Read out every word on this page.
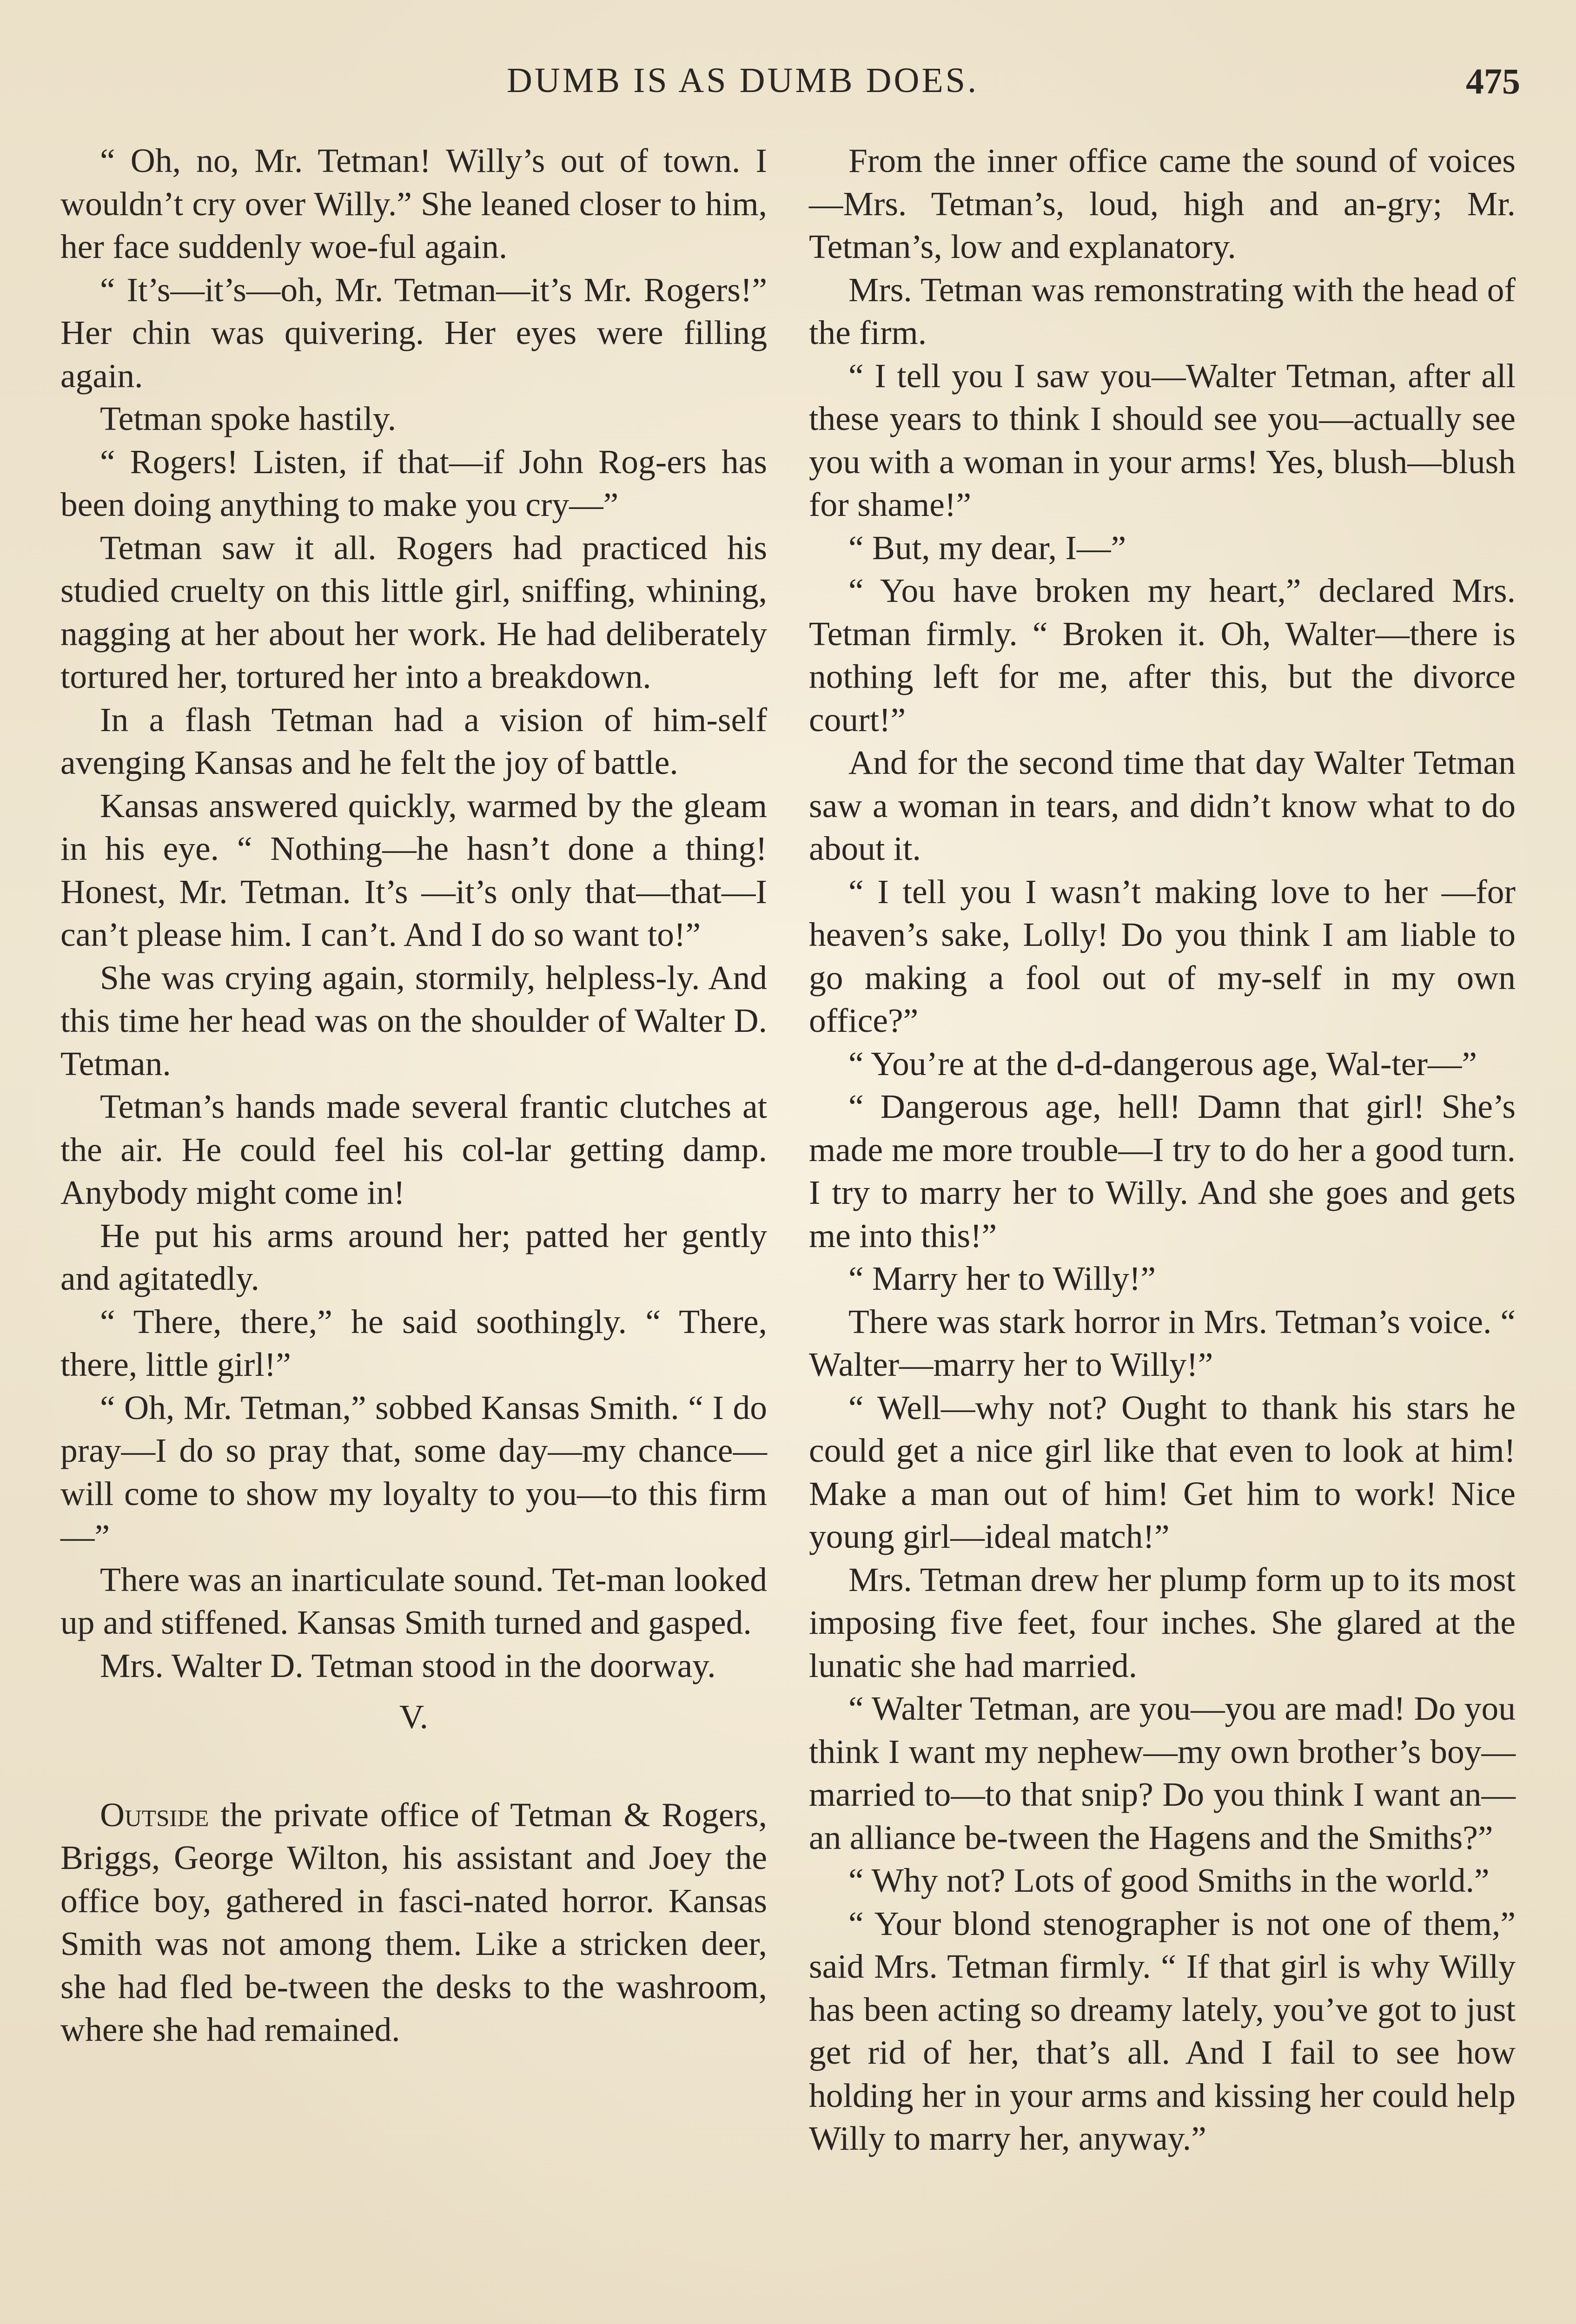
DUMB IS AS DUMB DOES.	475

“ Oh, no, Mr. Tetman! Willy’s out of town. I wouldn’t cry over Willy.” She leaned closer to him, her face suddenly woe-ful again.

“ It’s—it’s—oh, Mr. Tetman—it’s Mr. Rogers!” Her chin was quivering. Her eyes were filling again.

Tetman spoke hastily.

“ Rogers! Listen, if that—if John Rog-ers has been doing anything to make you cry—”

Tetman saw it all. Rogers had practiced his studied cruelty on this little girl, sniffing, whining, nagging at her about her work. He had deliberately tortured her, tortured her into a breakdown.

In a flash Tetman had a vision of him-self avenging Kansas and he felt the joy of battle.

Kansas answered quickly, warmed by the gleam in his eye. “ Nothing—he hasn’t done a thing! Honest, Mr. Tetman. It’s —it’s only that—that—I can’t please him. I can’t. And I do so want to!”

She was crying again, stormily, helpless-ly. And this time her head was on the shoulder of Walter D. Tetman.

Tetman’s hands made several frantic clutches at the air. He could feel his col-lar getting damp. Anybody might come in!

He put his arms around her; patted her gently and agitatedly.

“ There, there,” he said soothingly. “ There, there, little girl!”

“ Oh, Mr. Tetman,” sobbed Kansas Smith. “ I do pray—I do so pray that, some day—my chance—will come to show my loyalty to you—to this firm—”

There was an inarticulate sound. Tet-man looked up and stiffened. Kansas Smith turned and gasped.

Mrs. Walter D. Tetman stood in the doorway.

V.

Outside the private office of Tetman & Rogers, Briggs, George Wilton, his assistant and Joey the office boy, gathered in fasci-nated horror. Kansas Smith was not among them. Like a stricken deer, she had fled be-tween the desks to the washroom, where she had remained.

From the inner office came the sound of voices—Mrs. Tetman’s, loud, high and an-gry; Mr. Tetman’s, low and explanatory.

Mrs. Tetman was remonstrating with the head of the firm.

“ I tell you I saw you—Walter Tetman, after all these years to think I should see you—actually see you with a woman in your arms! Yes, blush—blush for shame!”

“ But, my dear, I—”

“ You have broken my heart,” declared Mrs. Tetman firmly. “ Broken it. Oh, Walter—there is nothing left for me, after this, but the divorce court!”

And for the second time that day Walter Tetman saw a woman in tears, and didn’t know what to do about it.

“ I tell you I wasn’t making love to her —for heaven’s sake, Lolly! Do you think I am liable to go making a fool out of my-self in my own office?”

“ You’re at the d-d-dangerous age, Wal-ter—”

“ Dangerous age, hell! Damn that girl! She’s made me more trouble—I try to do her a good turn. I try to marry her to Willy. And she goes and gets me into this!”

“ Marry her to Willy!”

There was stark horror in Mrs. Tetman’s voice. “ Walter—marry her to Willy!”

“ Well—why not? Ought to thank his stars he could get a nice girl like that even to look at him! Make a man out of him! Get him to work! Nice young girl—ideal match!”

Mrs. Tetman drew her plump form up to its most imposing five feet, four inches. She glared at the lunatic she had married.

“ Walter Tetman, are you—you are mad! Do you think I want my nephew—my own brother’s boy—married to—to that snip? Do you think I want an—an alliance be-tween the Hagens and the Smiths?”

“ Why not? Lots of good Smiths in the world.”

“ Your blond stenographer is not one of them,” said Mrs. Tetman firmly. “ If that girl is why Willy has been acting so dreamy lately, you’ve got to just get rid of her, that’s all. And I fail to see how holding her in your arms and kissing her could help Willy to marry her, anyway.”
